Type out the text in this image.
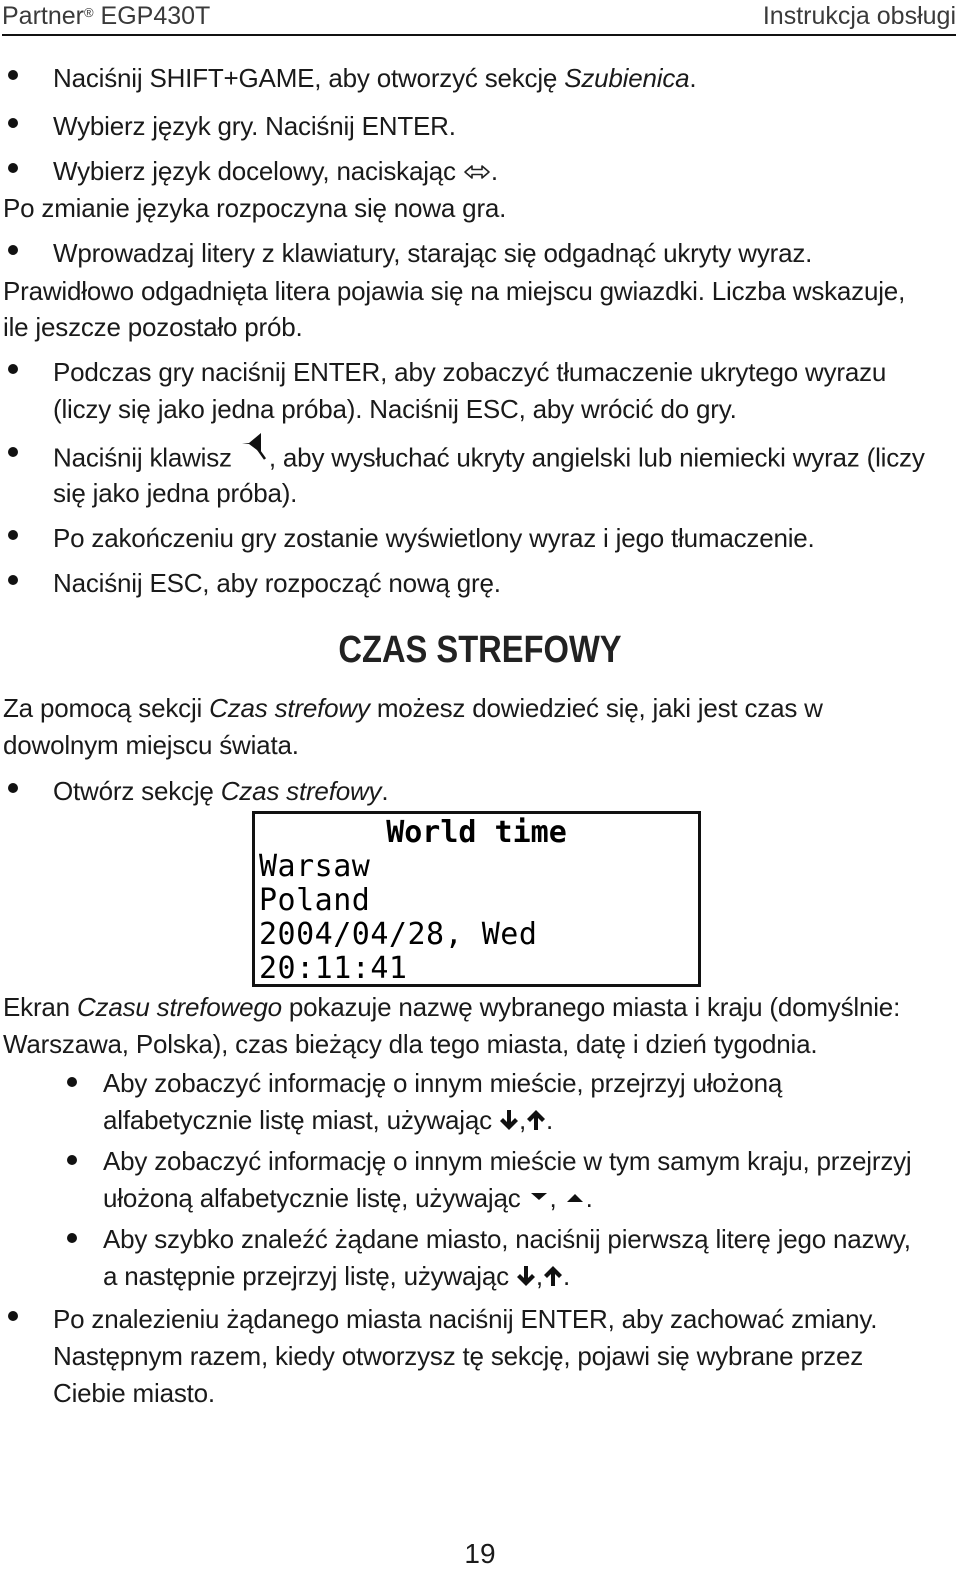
Partner® EGP430T	Instrukcja obsługi
Naciśnij SHIFT+GAME, aby otworzyć sekcję Szubienica.
Wybierz język gry. Naciśnij ENTER.
Wybierz język docelowy, naciskając .
Po zmianie języka rozpoczyna się nowa gra.
Wprowadzaj litery z klawiatury, starając się odgadnąć ukryty wyraz.
Prawidłowo odgadnięta litera pojawia się na miejscu gwiazdki. Liczba wskazuje,
ile jeszcze pozostało prób.
Podczas gry naciśnij ENTER, aby zobaczyć tłumaczenie ukrytego wyrazu
(liczy się jako jedna próba). Naciśnij ESC, aby wrócić do gry.
Naciśnij klawisz , aby wysłuchać ukryty angielski lub niemiecki wyraz (liczy
się jako jedna próba).
Po zakończeniu gry zostanie wyświetlony wyraz i jego tłumaczenie.
Naciśnij ESC, aby rozpocząć nową grę.
CZAS STREFOWY
Za pomocą sekcji Czas strefowy możesz dowiedzieć się, jaki jest czas w
dowolnym miejscu świata.
Otwórz sekcję Czas strefowy.
World time
Warsaw
Poland
2004/04/28, Wed
20:11:41
Ekran Czasu strefowego pokazuje nazwę wybranego miasta i kraju (domyślnie:
Warszawa, Polska), czas bieżący dla tego miasta, datę i dzień tygodnia.
Aby zobaczyć informację o innym mieście, przejrzyj ułożoną
alfabetycznie listę miast, używając , .
Aby zobaczyć informację o innym mieście w tym samym kraju, przejrzyj
ułożoną alfabetycznie listę, używając , .
Aby szybko znaleźć żądane miasto, naciśnij pierwszą literę jego nazwy,
a następnie przejrzyj listę, używając , .
Po znalezieniu żądanego miasta naciśnij ENTER, aby zachować zmiany.
Następnym razem, kiedy otworzysz tę sekcję, pojawi się wybrane przez
Ciebie miasto.
19
